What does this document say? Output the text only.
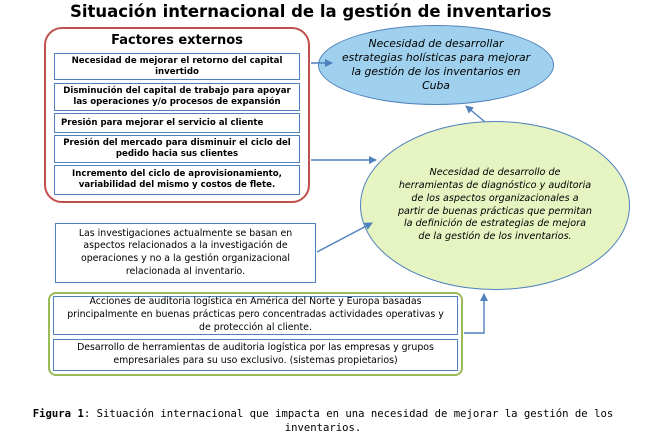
Situación internacional de la gestión de inventarios
Factores externos
Necesidad de mejorar el retorno del capital invertido
Disminución del capital de trabajo para apoyar las operaciones y/o procesos de expansión
Presión para mejorar el servicio al cliente
Presión del mercado para disminuir el ciclo del pedido hacia sus clientes
Incremento del ciclo de aprovisionamiento, variabilidad del mismo y costos de flete.
Necesidad de desarrollar estrategias holísticas para mejorar la gestión de los inventarios en Cuba
Necesidad de desarrollo de herramientas de diagnóstico y auditoria de los aspectos organizacionales a partir de buenas prácticas que permitan la definición de estrategias de mejora de la gestión de los inventarios.
Las investigaciones actualmente se basan en aspectos relacionados a la investigación de operaciones y no a la gestión organizacional relacionada al inventario.
Acciones de auditoria logística en América del Norte y Europa basadas principalmente en buenas prácticas pero concentradas actividades operativas y de protección al cliente.
Desarrollo de herramientas de auditoria logística por las empresas y grupos empresariales para su uso exclusivo. (sistemas propietarios)
Figura 1: Situación internacional que impacta en una necesidad de mejorar la gestión de los inventarios.
